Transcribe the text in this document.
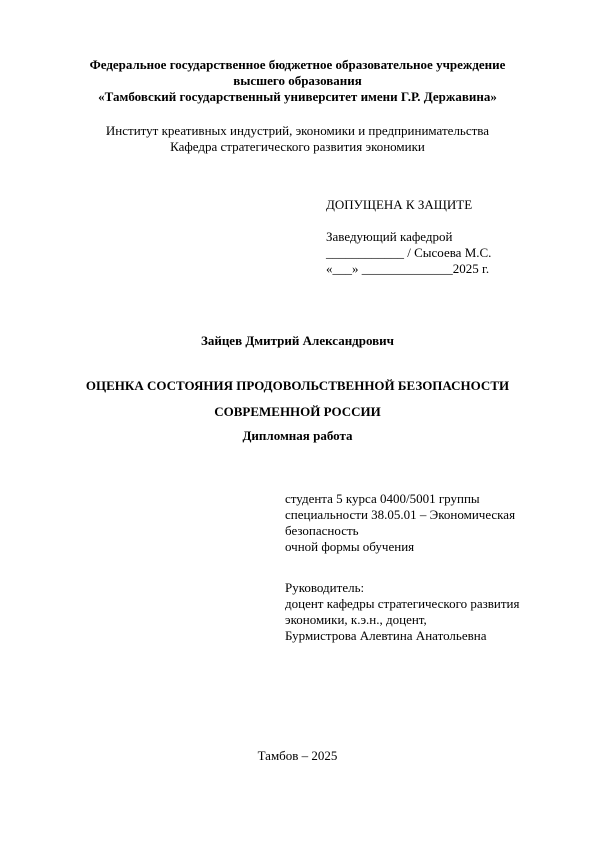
Федеральное государственное бюджетное образовательное учреждение
высшего образования
«Тамбовский государственный университет имени Г.Р. Державина»
Институт креативных индустрий, экономики и предпринимательства
Кафедра стратегического развития экономики
ДОПУЩЕНА К ЗАЩИТЕ
Заведующий кафедрой
____________ / Сысоева М.С.
«___» ______________2025 г.
Зайцев Дмитрий Александрович
ОЦЕНКА СОСТОЯНИЯ ПРОДОВОЛЬСТВЕННОЙ БЕЗОПАСНОСТИ
СОВРЕМЕННОЙ РОССИИ
Дипломная работа
студента 5 курса 0400/5001 группы
специальности 38.05.01 – Экономическая
безопасность
очной формы обучения
Руководитель:
доцент кафедры стратегического развития
экономики, к.э.н., доцент,
Бурмистрова Алевтина Анатольевна
Тамбов – 2025
